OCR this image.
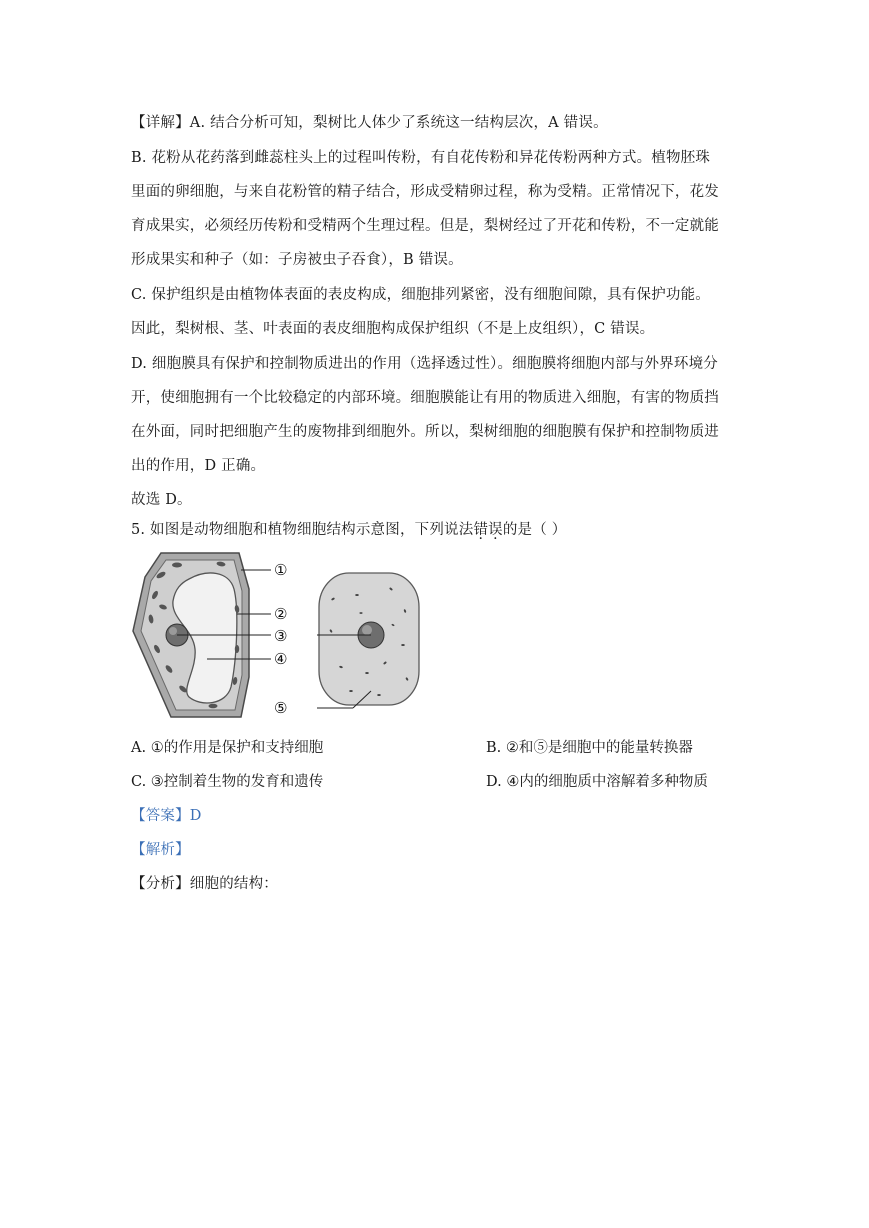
【详解】A. 结合分析可知，梨树比人体少了系统这一结构层次，A 错误。
B. 花粉从花药落到雌蕊柱头上的过程叫传粉，有自花传粉和异花传粉两种方式。植物胚珠
里面的卵细胞，与来自花粉管的精子结合，形成受精卵过程，称为受精。正常情况下，花发
育成果实，必须经历传粉和受精两个生理过程。但是，梨树经过了开花和传粉，不一定就能
形成果实和种子（如：子房被虫子吞食），B 错误。
C. 保护组织是由植物体表面的表皮构成，细胞排列紧密，没有细胞间隙，具有保护功能。
因此，梨树根、茎、叶表面的表皮细胞构成保护组织（不是上皮组织），C 错误。
D. 细胞膜具有保护和控制物质进出的作用（选择透过性）。细胞膜将细胞内部与外界环境分
开，使细胞拥有一个比较稳定的内部环境。细胞膜能让有用的物质进入细胞，有害的物质挡
在外面，同时把细胞产生的废物排到细胞外。所以，梨树细胞的细胞膜有保护和控制物质进
出的作用，D 正确。
故选 D。
5. 如图是动物细胞和植物细胞结构示意图，下列说法错误的是（ ）
①
②
③
④
⑤
A. ①的作用是保护和支持细胞	B. ②和⑤是细胞中的能量转换器
C. ③控制着生物的发育和遗传	D. ④内的细胞质中溶解着多种物质
【答案】D
【解析】
【分析】细胞的结构：
